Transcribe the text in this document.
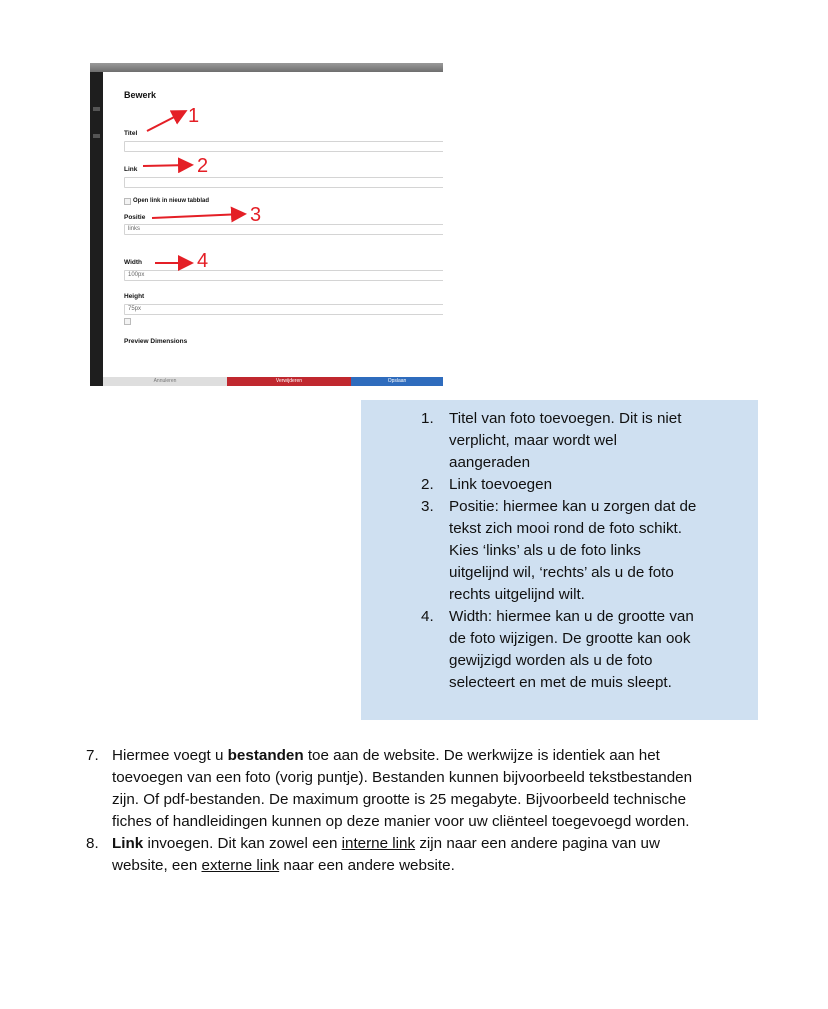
Bewerk
Titel
Link
Open link in nieuw tabblad
Positie
links
Width
100px
Height
75px
Preview Dimensions
Annuleren	Verwijderen	Opslaan
1
2
3
4
1. Titel van foto toevoegen. Dit is niet
verplicht, maar wordt wel
aangeraden
2. Link toevoegen
3. Positie: hiermee kan u zorgen dat de
tekst zich mooi rond de foto schikt.
Kies ‘links’ als u de foto links
uitgelijnd wil, ‘rechts’ als u de foto
rechts uitgelijnd wilt.
4. Width: hiermee kan u de grootte van
de foto wijzigen. De grootte kan ook
gewijzigd worden als u de foto
selecteert en met de muis sleept.
7. Hiermee voegt u bestanden toe aan de website. De werkwijze is identiek aan het
toevoegen van een foto (vorig puntje). Bestanden kunnen bijvoorbeeld tekstbestanden
zijn. Of pdf-bestanden. De maximum grootte is 25 megabyte. Bijvoorbeeld technische
fiches of handleidingen kunnen op deze manier voor uw cliënteel toegevoegd worden.
8. Link invoegen. Dit kan zowel een interne link zijn naar een andere pagina van uw
website, een externe link naar een andere website.
